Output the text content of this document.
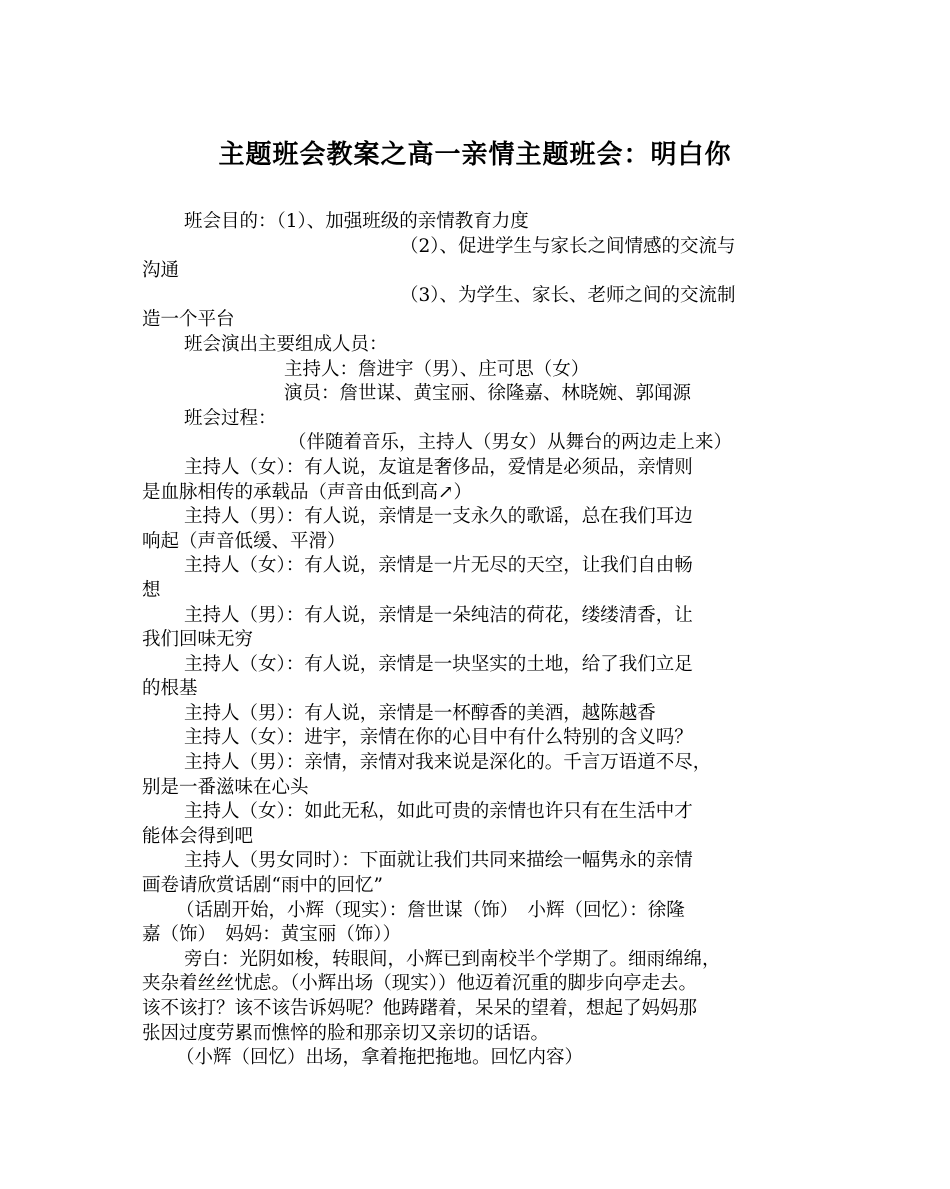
主题班会教案之高一亲情主题班会：明白你
班会目的：（1）、加强班级的亲情教育力度
（2）、促进学生与家长之间情感的交流与
沟通
（3）、为学生、家长、老师之间的交流制
造一个平台
班会演出主要组成人员：
主持人：詹进宇（男）、庄可思（女）
演员：詹世谋、黄宝丽、徐隆嘉、林晓婉、郭闻源
班会过程：
（伴随着音乐，主持人（男女）从舞台的两边走上来）
主持人（女）：有人说，友谊是奢侈品，爱情是必须品，亲情则
是血脉相传的承载品（声音由低到高↗）
主持人（男）：有人说，亲情是一支永久的歌谣，总在我们耳边
响起（声音低缓、平滑）
主持人（女）：有人说，亲情是一片无尽的天空，让我们自由畅
想
主持人（男）：有人说，亲情是一朵纯洁的荷花，缕缕清香，让
我们回味无穷
主持人（女）：有人说，亲情是一块坚实的土地，给了我们立足
的根基
主持人（男）：有人说，亲情是一杯醇香的美酒，越陈越香
主持人（女）：进宇，亲情在你的心目中有什么特别的含义吗？
主持人（男）：亲情，亲情对我来说是深化的。千言万语道不尽，
别是一番滋味在心头
主持人（女）：如此无私，如此可贵的亲情也许只有在生活中才
能体会得到吧
主持人（男女同时）：下面就让我们共同来描绘一幅隽永的亲情
画卷请欣赏话剧“雨中的回忆”
（话剧开始，小辉（现实）：詹世谋（饰）　小辉（回忆）：徐隆
嘉（饰）　妈妈：黄宝丽（饰））
旁白：光阴如梭，转眼间，小辉已到南校半个学期了。细雨绵绵，
夹杂着丝丝忧虑。（小辉出场（现实））他迈着沉重的脚步向亭走去。
该不该打？该不该告诉妈呢？他踌躇着，呆呆的望着，想起了妈妈那
张因过度劳累而憔悴的脸和那亲切又亲切的话语。
（小辉（回忆）出场，拿着拖把拖地。回忆内容）
